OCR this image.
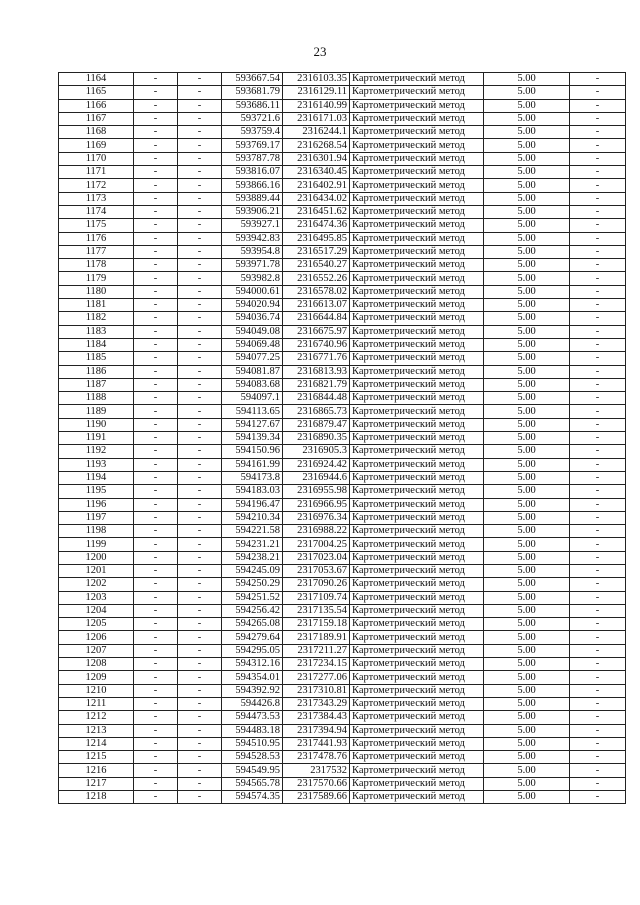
23
1164	-	-	593667.54	2316103.35	Картометрический метод	5.00	-
1165	-	-	593681.79	2316129.11	Картометрический метод	5.00	-
1166	-	-	593686.11	2316140.99	Картометрический метод	5.00	-
1167	-	-	593721.6	2316171.03	Картометрический метод	5.00	-
1168	-	-	593759.4	2316244.1	Картометрический метод	5.00	-
1169	-	-	593769.17	2316268.54	Картометрический метод	5.00	-
1170	-	-	593787.78	2316301.94	Картометрический метод	5.00	-
1171	-	-	593816.07	2316340.45	Картометрический метод	5.00	-
1172	-	-	593866.16	2316402.91	Картометрический метод	5.00	-
1173	-	-	593889.44	2316434.02	Картометрический метод	5.00	-
1174	-	-	593906.21	2316451.62	Картометрический метод	5.00	-
1175	-	-	593927.1	2316474.36	Картометрический метод	5.00	-
1176	-	-	593942.83	2316495.85	Картометрический метод	5.00	-
1177	-	-	593954.8	2316517.29	Картометрический метод	5.00	-
1178	-	-	593971.78	2316540.27	Картометрический метод	5.00	-
1179	-	-	593982.8	2316552.26	Картометрический метод	5.00	-
1180	-	-	594000.61	2316578.02	Картометрический метод	5.00	-
1181	-	-	594020.94	2316613.07	Картометрический метод	5.00	-
1182	-	-	594036.74	2316644.84	Картометрический метод	5.00	-
1183	-	-	594049.08	2316675.97	Картометрический метод	5.00	-
1184	-	-	594069.48	2316740.96	Картометрический метод	5.00	-
1185	-	-	594077.25	2316771.76	Картометрический метод	5.00	-
1186	-	-	594081.87	2316813.93	Картометрический метод	5.00	-
1187	-	-	594083.68	2316821.79	Картометрический метод	5.00	-
1188	-	-	594097.1	2316844.48	Картометрический метод	5.00	-
1189	-	-	594113.65	2316865.73	Картометрический метод	5.00	-
1190	-	-	594127.67	2316879.47	Картометрический метод	5.00	-
1191	-	-	594139.34	2316890.35	Картометрический метод	5.00	-
1192	-	-	594150.96	2316905.3	Картометрический метод	5.00	-
1193	-	-	594161.99	2316924.42	Картометрический метод	5.00	-
1194	-	-	594173.8	2316944.6	Картометрический метод	5.00	-
1195	-	-	594183.03	2316955.98	Картометрический метод	5.00	-
1196	-	-	594196.47	2316966.95	Картометрический метод	5.00	-
1197	-	-	594210.34	2316976.34	Картометрический метод	5.00	-
1198	-	-	594221.58	2316988.22	Картометрический метод	5.00	-
1199	-	-	594231.21	2317004.25	Картометрический метод	5.00	-
1200	-	-	594238.21	2317023.04	Картометрический метод	5.00	-
1201	-	-	594245.09	2317053.67	Картометрический метод	5.00	-
1202	-	-	594250.29	2317090.26	Картометрический метод	5.00	-
1203	-	-	594251.52	2317109.74	Картометрический метод	5.00	-
1204	-	-	594256.42	2317135.54	Картометрический метод	5.00	-
1205	-	-	594265.08	2317159.18	Картометрический метод	5.00	-
1206	-	-	594279.64	2317189.91	Картометрический метод	5.00	-
1207	-	-	594295.05	2317211.27	Картометрический метод	5.00	-
1208	-	-	594312.16	2317234.15	Картометрический метод	5.00	-
1209	-	-	594354.01	2317277.06	Картометрический метод	5.00	-
1210	-	-	594392.92	2317310.81	Картометрический метод	5.00	-
1211	-	-	594426.8	2317343.29	Картометрический метод	5.00	-
1212	-	-	594473.53	2317384.43	Картометрический метод	5.00	-
1213	-	-	594483.18	2317394.94	Картометрический метод	5.00	-
1214	-	-	594510.95	2317441.93	Картометрический метод	5.00	-
1215	-	-	594528.53	2317478.76	Картометрический метод	5.00	-
1216	-	-	594549.95	2317532	Картометрический метод	5.00	-
1217	-	-	594565.78	2317570.66	Картометрический метод	5.00	-
1218	-	-	594574.35	2317589.66	Картометрический метод	5.00	-
